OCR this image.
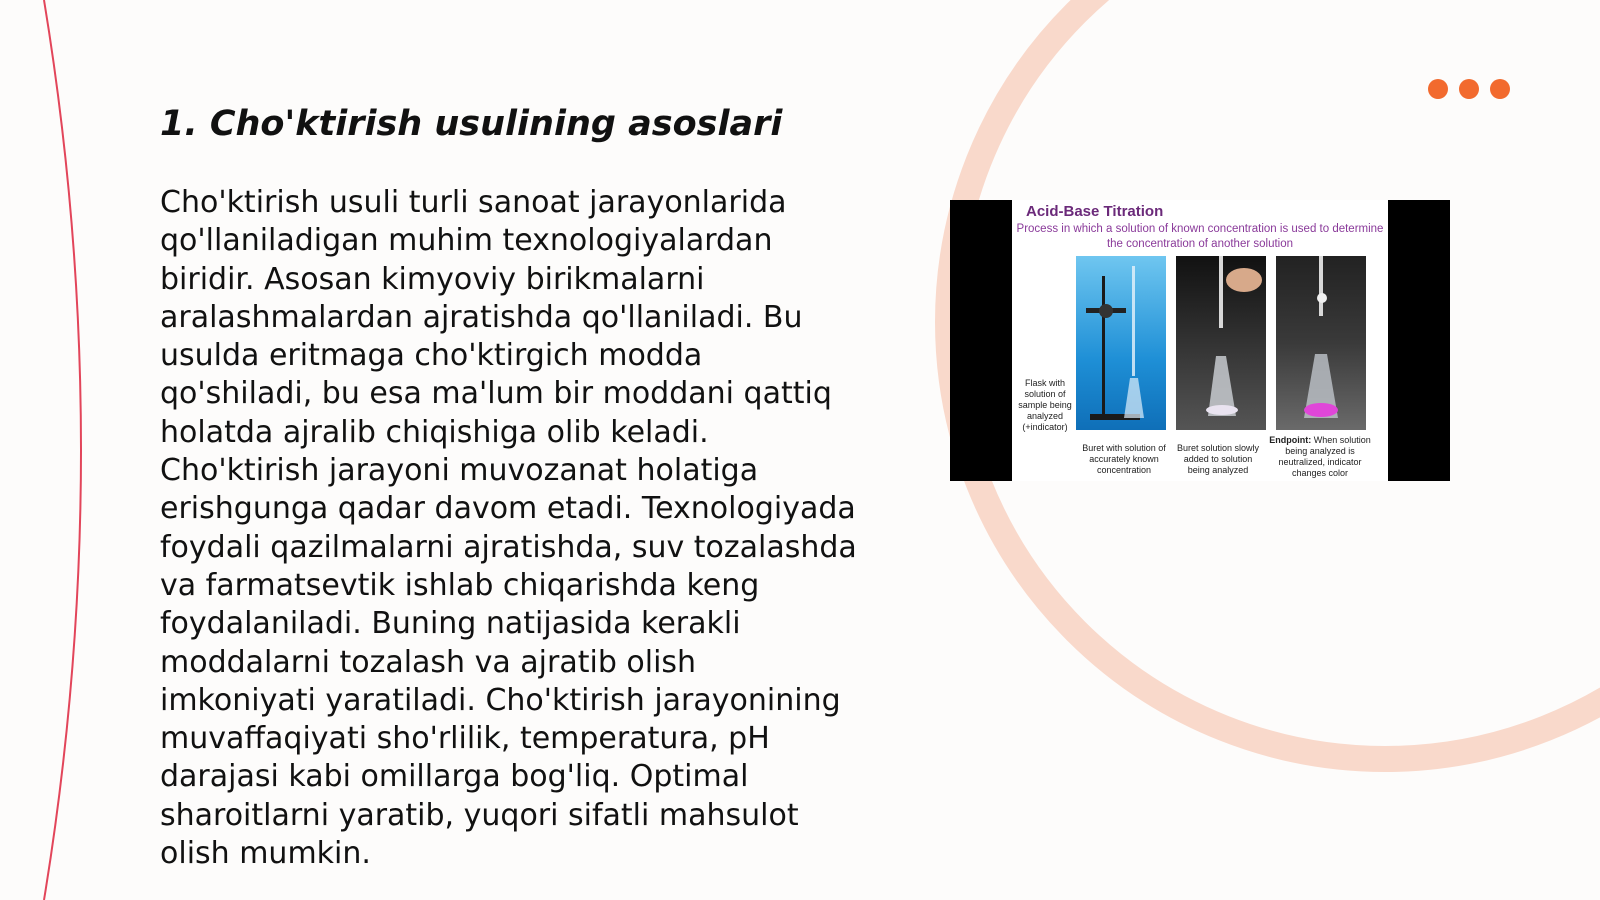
1. Cho'ktirish usulining asoslari

Cho'ktirish usuli turli sanoat jarayonlarida qo'llaniladigan muhim texnologiyalardan biridir. Asosan kimyoviy birikmalarni aralashmalardan ajratishda qo'llaniladi. Bu usulda eritmaga cho'ktirgich modda qo'shiladi, bu esa ma'lum bir moddani qattiq holatda ajralib chiqishiga olib keladi. Cho'ktirish jarayoni muvozanat holatiga erishgunga qadar davom etadi. Texnologiyada foydali qazilmalarni ajratishda, suv tozalashda va farmatsevtik ishlab chiqarishda keng foydalaniladi. Buning natijasida kerakli moddalarni tozalash va ajratib olish imkoniyati yaratiladi. Cho'ktirish jarayonining muvaffaqiyati sho'rlilik, temperatura, pH darajasi kabi omillarga bog'liq. Optimal sharoitlarni yaratib, yuqori sifatli mahsulot olish mumkin.

Acid-Base Titration
Process in which a solution of known concentration is used to determine the concentration of another solution
Flask with solution of sample being analyzed (+indicator)
Buret with solution of accurately known concentration
Buret solution slowly added to solution being analyzed
Endpoint: When solution being analyzed is neutralized, indicator changes color
